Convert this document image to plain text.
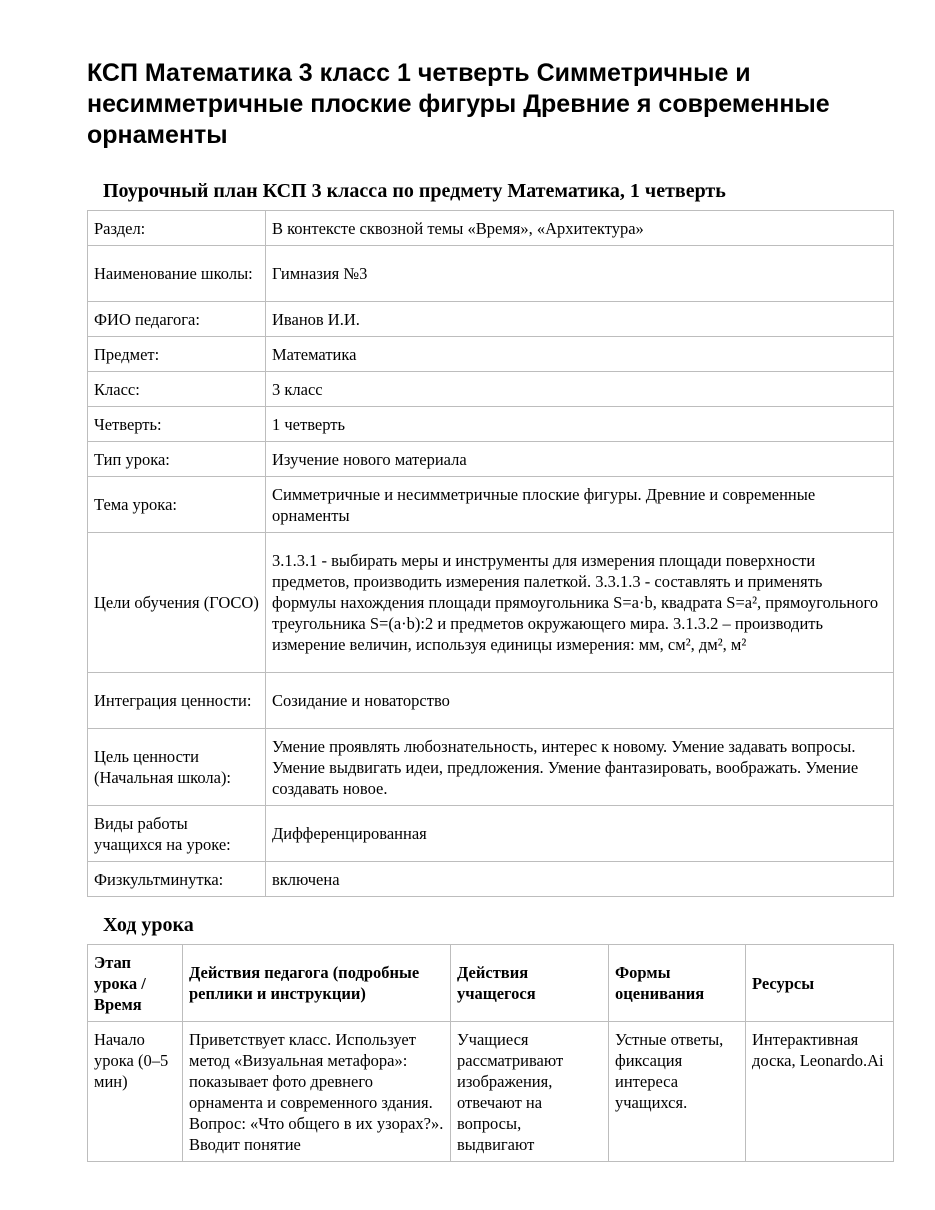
КСП Математика 3 класс 1 четверть Симметричные и несимметричные плоские фигуры Древние я современные орнаменты
Поурочный план КСП 3 класса по предмету Математика, 1 четверть
Раздел:	В контексте сквозной темы «Время», «Архитектура»
Наименование школы:	Гимназия №3
ФИО педагога:	Иванов И.И.
Предмет:	Математика
Класс:	3 класс
Четверть:	1 четверть
Тип урока:	Изучение нового материала
Тема урока:	Симметричные и несимметричные плоские фигуры. Древние и современные орнаменты
Цели обучения (ГОСО)	3.1.3.1 - выбирать меры и инструменты для измерения площади поверхности предметов, производить измерения палеткой. 3.3.1.3 - составлять и применять формулы нахождения площади прямоугольника S=a·b, квадрата S=a², прямоугольного треугольника S=(a·b):2 и предметов окружающего мира. 3.1.3.2 – производить измерение величин, используя единицы измерения: мм, см², дм², м²
Интеграция ценности:	Созидание и новаторство
Цель ценности (Начальная школа):	Умение проявлять любознательность, интерес к новому. Умение задавать вопросы. Умение выдвигать идеи, предложения. Умение фантазировать, воображать. Умение создавать новое.
Виды работы учащихся на уроке:	Дифференцированная
Физкультминутка:	включена
Ход урока
Этап урока / Время	Действия педагога (подробные реплики и инструкции)	Действия учащегося	Формы оценивания	Ресурсы
Начало урока (0–5 мин)	Приветствует класс. Использует метод «Визуальная метафора»: показывает фото древнего орнамента и современного здания. Вопрос: «Что общего в их узорах?». Вводит понятие	Учащиеся рассматривают изображения, отвечают на вопросы, выдвигают	Устные ответы, фиксация интереса учащихся.	Интерактивная доска, Leonardo.Ai
